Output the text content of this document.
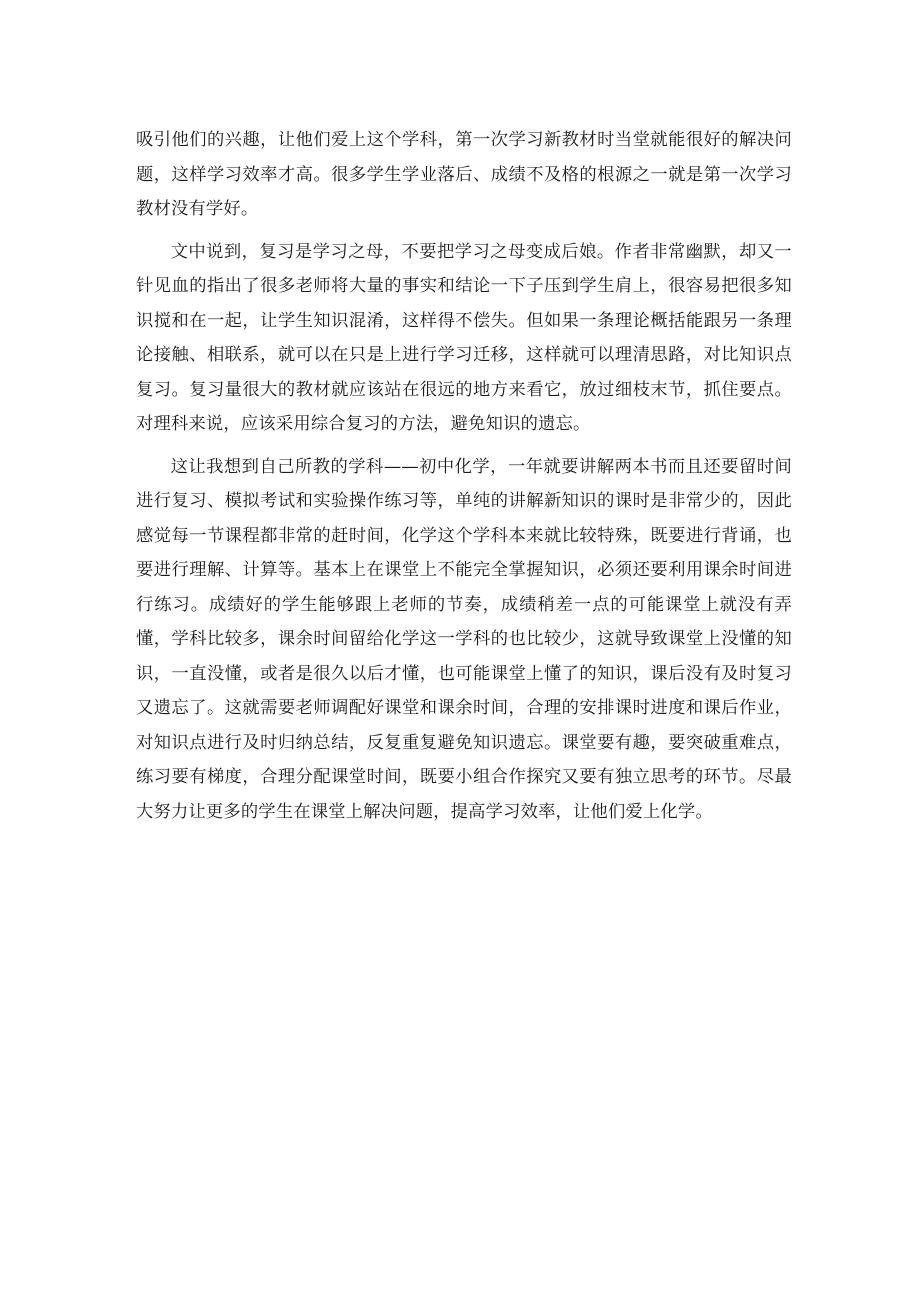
吸引他们的兴趣，让他们爱上这个学科，第一次学习新教材时当堂就能很好的解决问题，这样学习效率才高。很多学生学业落后、成绩不及格的根源之一就是第一次学习教材没有学好。

文中说到，复习是学习之母，不要把学习之母变成后娘。作者非常幽默，却又一针见血的指出了很多老师将大量的事实和结论一下子压到学生肩上，很容易把很多知识搅和在一起，让学生知识混淆，这样得不偿失。但如果一条理论概括能跟另一条理论接触、相联系，就可以在只是上进行学习迁移，这样就可以理清思路，对比知识点复习。复习量很大的教材就应该站在很远的地方来看它，放过细枝末节，抓住要点。对理科来说，应该采用综合复习的方法，避免知识的遗忘。

这让我想到自己所教的学科——初中化学，一年就要讲解两本书而且还要留时间进行复习、模拟考试和实验操作练习等，单纯的讲解新知识的课时是非常少的，因此感觉每一节课程都非常的赶时间，化学这个学科本来就比较特殊，既要进行背诵，也要进行理解、计算等。基本上在课堂上不能完全掌握知识，必须还要利用课余时间进行练习。成绩好的学生能够跟上老师的节奏，成绩稍差一点的可能课堂上就没有弄懂，学科比较多，课余时间留给化学这一学科的也比较少，这就导致课堂上没懂的知识，一直没懂，或者是很久以后才懂，也可能课堂上懂了的知识，课后没有及时复习又遗忘了。这就需要老师调配好课堂和课余时间，合理的安排课时进度和课后作业，对知识点进行及时归纳总结，反复重复避免知识遗忘。课堂要有趣，要突破重难点，练习要有梯度，合理分配课堂时间，既要小组合作探究又要有独立思考的环节。尽最大努力让更多的学生在课堂上解决问题，提高学习效率，让他们爱上化学。
